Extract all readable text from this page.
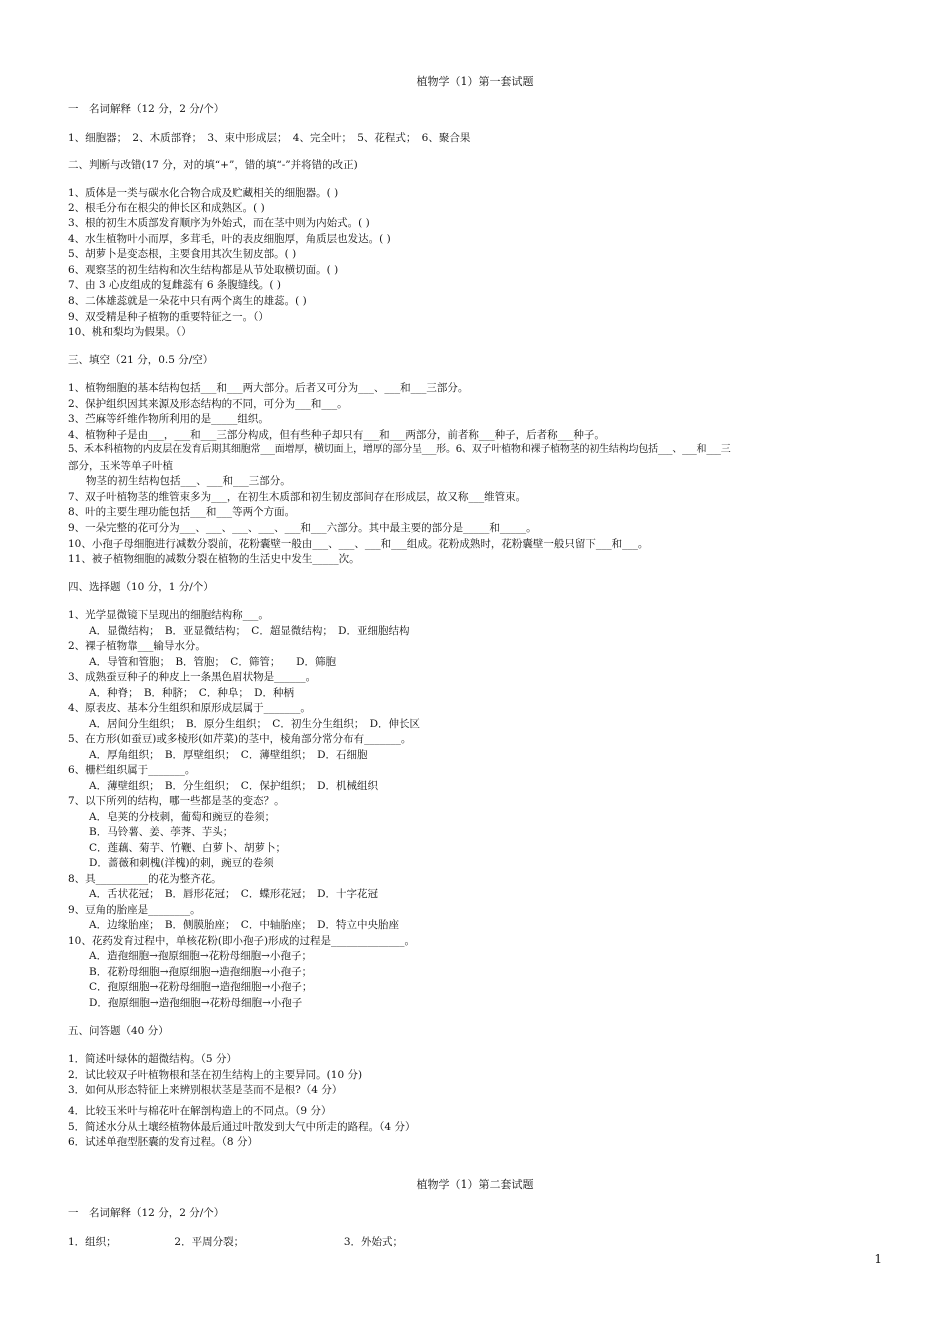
植物学（1）第一套试题
一　名词解释（12 分，2 分/个）
1、细胞器；　2、木质部脊；　3、束中形成层；　4、完全叶；　5、花程式；　6、聚合果
二、判断与改错(17 分，对的填“+”，错的填“-”并将错的改正)
1、质体是一类与碳水化合物合成及贮藏相关的细胞器。( )
2、根毛分布在根尖的伸长区和成熟区。( )
3、根的初生木质部发育顺序为外始式，而在茎中则为内始式。( )
4、水生植物叶小而厚，多茸毛，叶的表皮细胞厚，角质层也发达。( )
5、胡萝卜是变态根，主要食用其次生韧皮部。( )
6、观察茎的初生结构和次生结构都是从节处取横切面。( )
7、由 3 心皮组成的复雌蕊有 6 条腹缝线。( )
8、二体雄蕊就是一朵花中只有两个离生的雄蕊。( )
9、双受精是种子植物的重要特征之一。（）
10、桃和梨均为假果。（）
三、填空（21 分，0.5 分/空）
1、植物细胞的基本结构包括___和___两大部分。后者又可分为___、___和___三部分。
2、保护组织因其来源及形态结构的不同，可分为___和___。
3、苎麻等纤维作物所利用的是_____组织。
4、植物种子是由___，___和___三部分构成，但有些种子却只有___和___两部分，前者称___种子，后者称___种子。
5、禾本科植物的内皮层在发育后期其细胞常___面增厚，横切面上，增厚的部分呈___形。6、双子叶植物和裸子植物茎的初生结构均包括___、___和___三
部分，玉米等单子叶植
物茎的初生结构包括___、___和___三部分。
7、双子叶植物茎的维管束多为___，在初生木质部和初生韧皮部间存在形成层，故又称___维管束。
8、叶的主要生理功能包括___和___等两个方面。
9、一朵完整的花可分为___、___、___、___、___和___六部分。其中最主要的部分是_____和_____。
10、小孢子母细胞进行减数分裂前，花粉囊壁一般由___、___、___和___组成。花粉成熟时，花粉囊壁一般只留下___和___。
11、被子植物细胞的减数分裂在植物的生活史中发生_____次。
四、选择题（10 分，1 分/个）
1、光学显微镜下呈现出的细胞结构称___。
　　A．显微结构；　B．亚显微结构；　C．超显微结构；　D．亚细胞结构
2、裸子植物靠___输导水分。
　　A．导管和管胞；　B．管胞；　C．筛管；　　D．筛胞
3、成熟蚕豆种子的种皮上一条黑色眉状物是______。
　　A．种脊；　B．种脐；　C．种阜；　D．种柄
4、原表皮、基本分生组织和原形成层属于_______。
　　A．居间分生组织；　B．原分生组织；　C．初生分生组织；　D．伸长区
5、在方形(如蚕豆)或多棱形(如芹菜)的茎中，棱角部分常分布有_______。
　　A．厚角组织；　B．厚壁组织；　C．薄壁组织；　D．石细胞
6、栅栏组织属于_______。
　　A．薄壁组织；　B．分生组织；　C．保护组织；　D．机械组织
7、以下所列的结构，哪一些都是茎的变态？。
　　A．皂荚的分枝刺，葡萄和豌豆的卷须；
　　B．马铃薯、姜、荸荠、芋头；
　　C．莲藕、菊芋、竹鞭、白萝卜、胡萝卜；
　　D．蔷薇和刺槐(洋槐)的刺，豌豆的卷须
8、具__________的花为整齐花。
　　A．舌状花冠；　B．唇形花冠；　C．蝶形花冠；　D．十字花冠
9、豆角的胎座是________。
　　A．边缘胎座；　B．侧膜胎座；　C．中轴胎座；　D．特立中央胎座
10、花药发育过程中，单核花粉(即小孢子)形成的过程是______________。
　　A．造孢细胞→孢原细胞→花粉母细胞→小孢子；
　　B．花粉母细胞→孢原细胞→造孢细胞→小孢子；
　　C．孢原细胞→花粉母细胞→造孢细胞→小孢子；
　　D．孢原细胞→造孢细胞→花粉母细胞→小孢子
五、问答题（40 分）
1．简述叶绿体的超微结构。（5 分）
2．试比较双子叶植物根和茎在初生结构上的主要异同。(10 分)
3．如何从形态特征上来辨别根状茎是茎而不是根?（4 分）
4．比较玉米叶与棉花叶在解剖构造上的不同点。（9 分）
5．简述水分从土壤经植物体最后通过叶散发到大气中所走的路程。（4 分）
6．试述单孢型胚囊的发育过程。（8 分）
植物学（1）第二套试题
一　名词解释（12 分，2 分/个）
1．组织；　　　　　　2．平周分裂；　　　　　　　　　　3．外始式；
1
